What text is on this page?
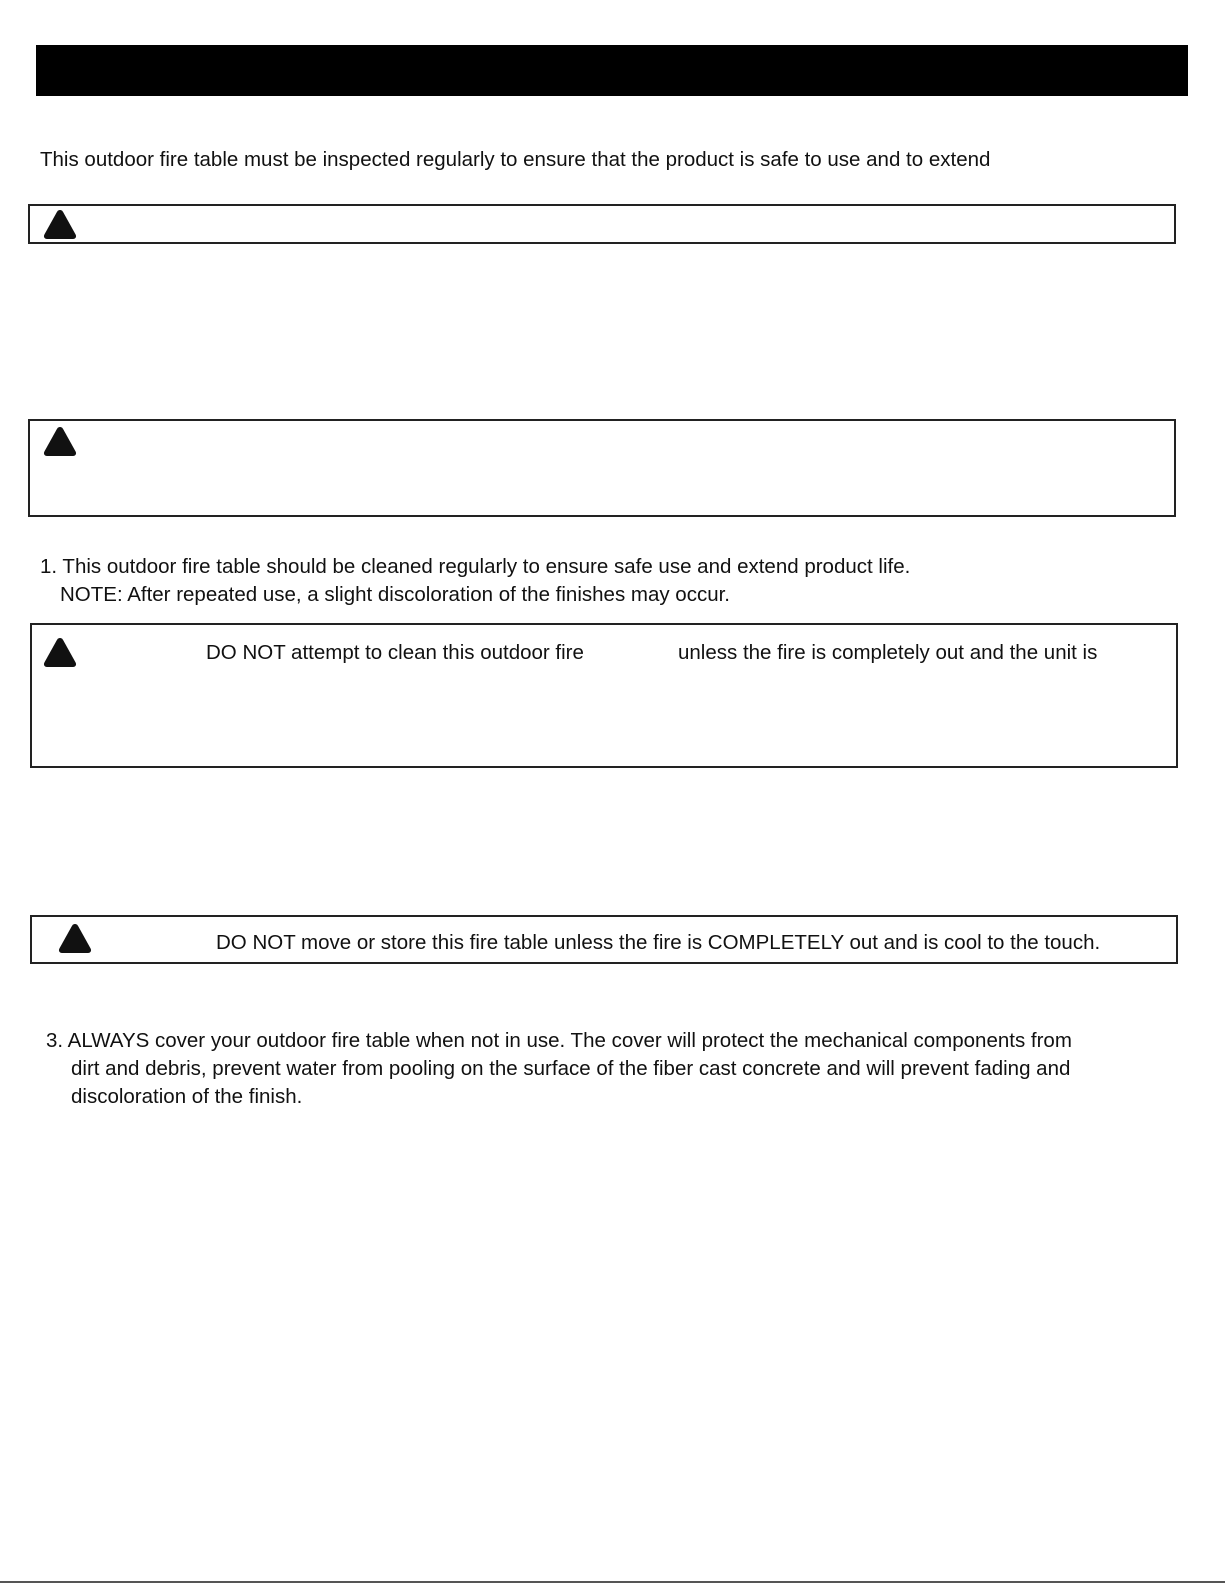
This outdoor fire table must be inspected regularly to ensure that the product is safe to use and to extend
1. This outdoor fire table should be cleaned regularly to ensure safe use and extend product life.
NOTE: After repeated use, a slight discoloration of the finishes may occur.
DO NOT attempt to clean this outdoor fire	unless the fire is completely out and the unit is
DO NOT move or store this fire table unless the fire is COMPLETELY out and is cool to the touch.
3. ALWAYS cover your outdoor fire table when not in use. The cover will protect the mechanical components from
dirt and debris, prevent water from pooling on the surface of the fiber cast concrete and will prevent fading and
discoloration of the finish.
